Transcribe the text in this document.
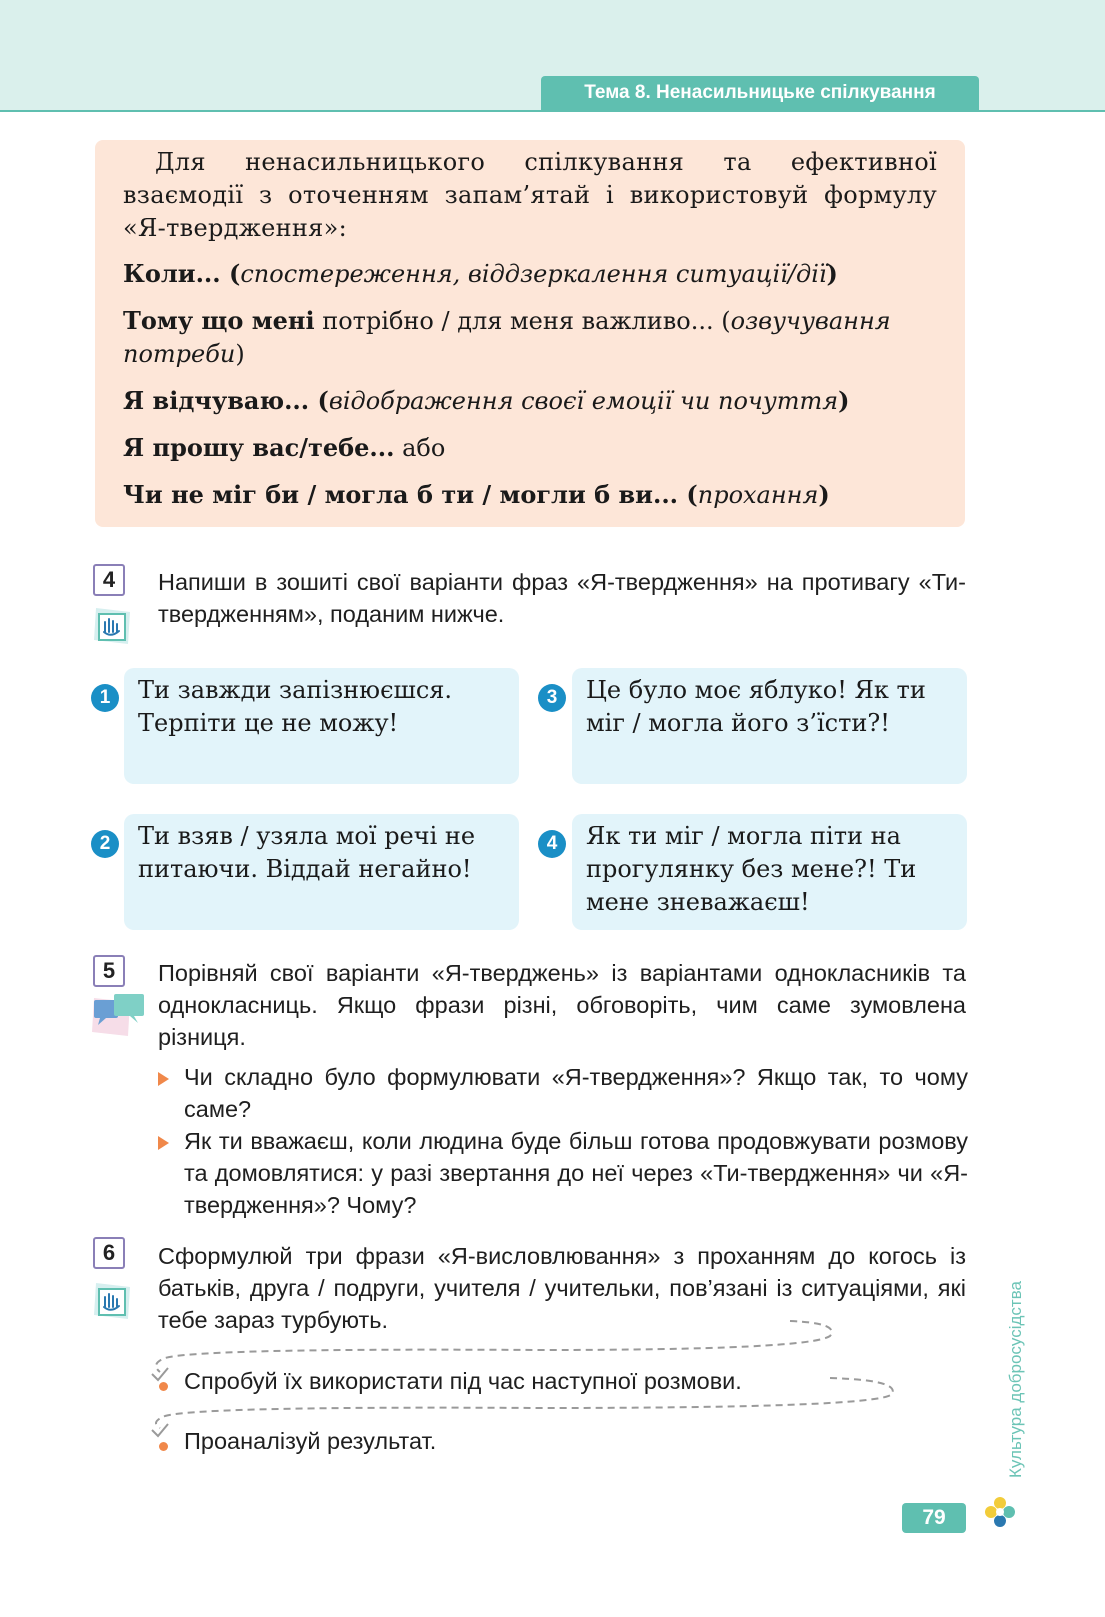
Тема 8. Ненасильницьке спілкування

Для ненасильницького спілкування та ефективної взаємодії з оточенням запам’ятай і використовуй формулу «Я-твердження»:

Коли... (спостереження, віддзеркалення ситуації/дії)

Тому що мені потрібно / для меня важливо... (озвучування потреби)

Я відчуваю... (відображення своєї емоції чи почуття)

Я прошу вас/тебе... або

Чи не міг би / могла б ти / могли б ви... (прохання)

4	Напиши в зошиті свої варіанти фраз «Я-твердження» на противагу «Ти-твердженням», поданим нижче.
1	Ти завжди запізнюєшся. Терпіти це не можу!
3	Це було моє яблуко! Як ти міг / могла його з’їсти?!
2	Ти взяв / узяла мої речі не питаючи. Віддай негайно!
4	Як ти міг / могла піти на прогулянку без мене?! Ти мене зневажаєш!
5	Порівняй свої варіанти «Я-тверджень» із варіантами однокласників та однокласниць. Якщо фрази різні, обговоріть, чим саме зумовлена різниця.
Чи складно було формулювати «Я-твердження»? Якщо так, то чому саме?
Як ти вважаєш, коли людина буде більш готова продовжувати розмову та домовлятися: у разі звертання до неї через «Ти-твердження» чи «Я-твердження»? Чому?
6	Сформулюй три фрази «Я-висловлювання» з проханням до когось із батьків, друга / подруги, учителя / учительки, пов’язані із ситуаціями, які тебе зараз турбують.
Спробуй їх використати під час наступної розмови.
Проаналізуй результат.	Культура добросусідства
79
